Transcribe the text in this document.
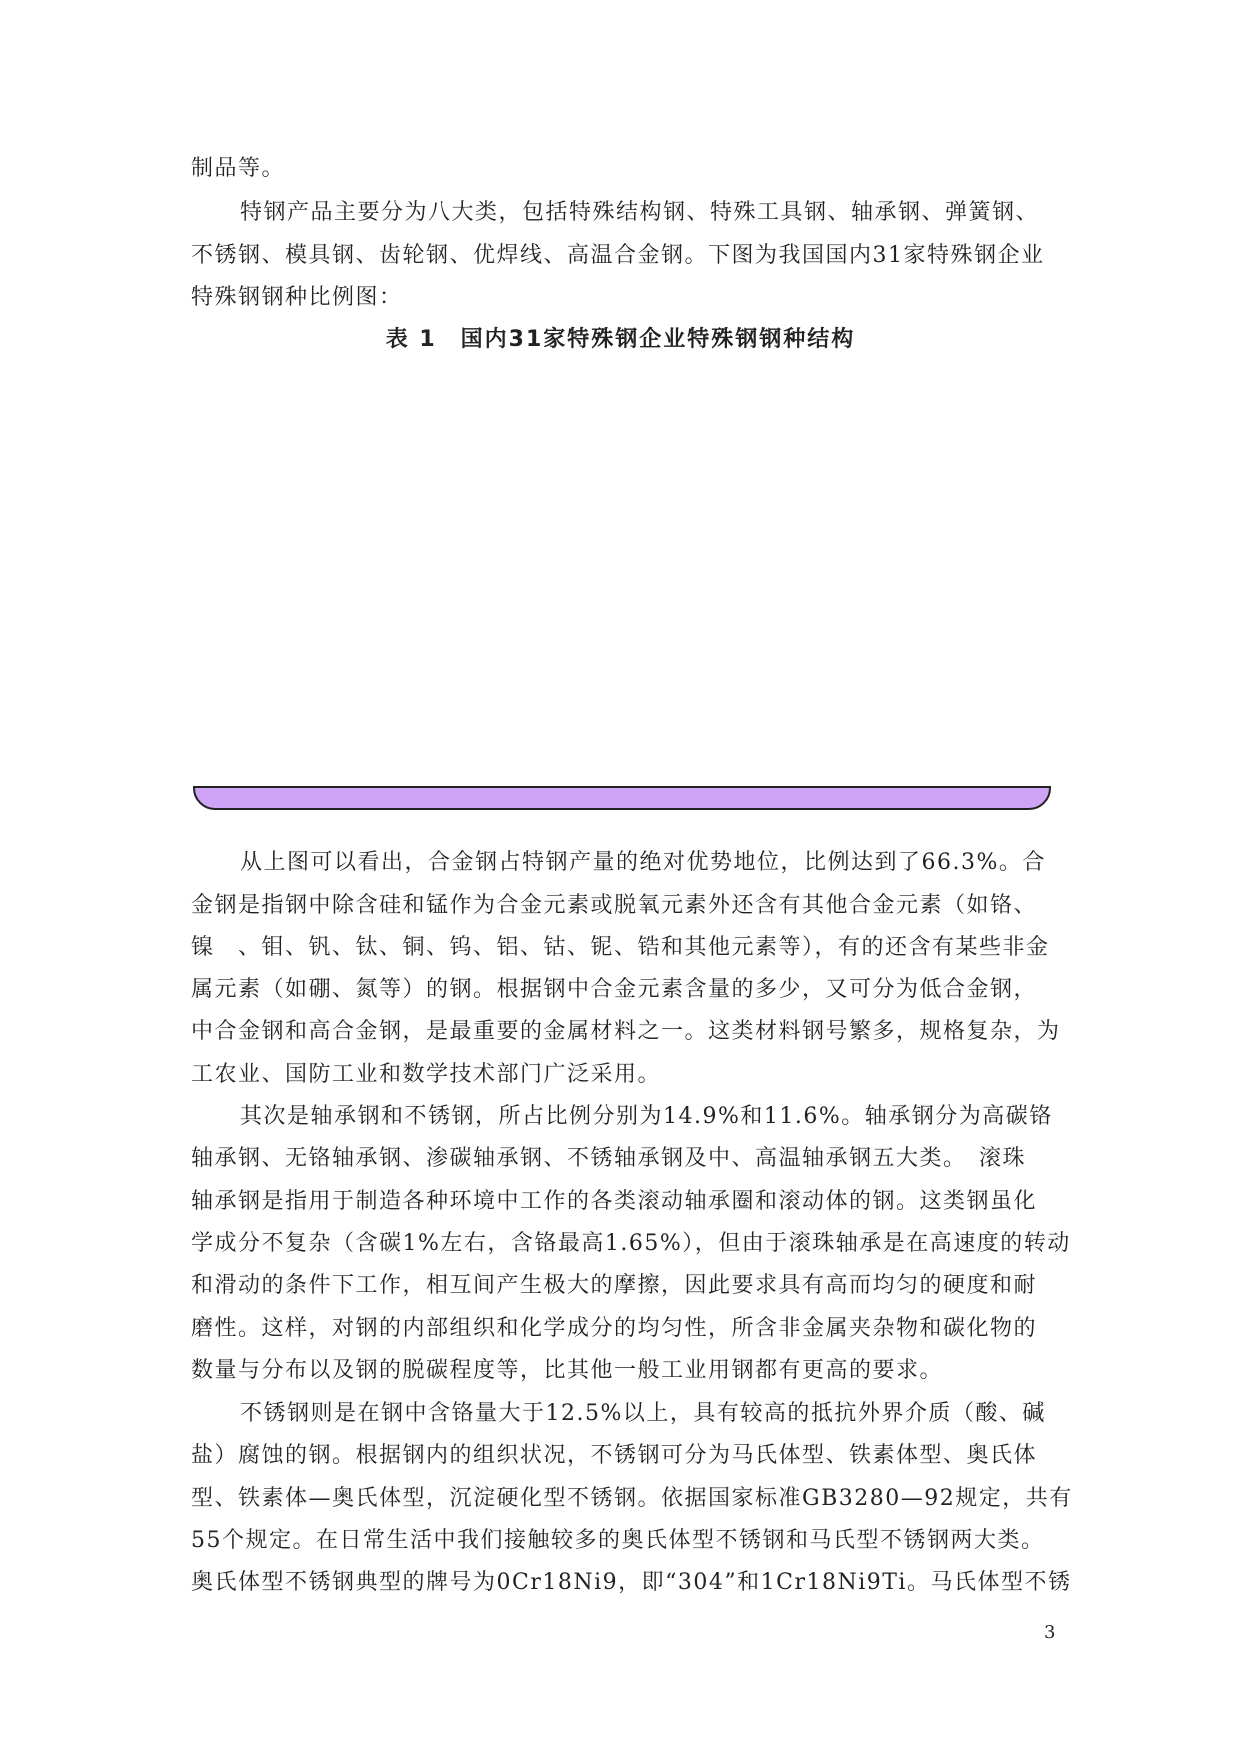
制品等。
特钢产品主要分为八大类，包括特殊结构钢、特殊工具钢、轴承钢、弹簧钢、
不锈钢、模具钢、齿轮钢、优焊线、高温合金钢。下图为我国国内31家特殊钢企业
特殊钢钢种比例图：
表 1　国内31家特殊钢企业特殊钢钢种结构
从上图可以看出，合金钢占特钢产量的绝对优势地位，比例达到了66.3%。合
金钢是指钢中除含硅和锰作为合金元素或脱氧元素外还含有其他合金元素（如铬、
镍　、钼、钒、钛、铜、钨、铝、钴、铌、锆和其他元素等），有的还含有某些非金
属元素（如硼、氮等）的钢。根据钢中合金元素含量的多少，又可分为低合金钢，
中合金钢和高合金钢，是最重要的金属材料之一。这类材料钢号繁多，规格复杂，为
工农业、国防工业和数学技术部门广泛采用。
其次是轴承钢和不锈钢，所占比例分别为14.9%和11.6%。轴承钢分为高碳铬
轴承钢、无铬轴承钢、渗碳轴承钢、不锈轴承钢及中、高温轴承钢五大类。　滚珠
轴承钢是指用于制造各种环境中工作的各类滚动轴承圈和滚动体的钢。这类钢虽化
学成分不复杂（含碳1%左右，含铬最高1.65%），但由于滚珠轴承是在高速度的转动
和滑动的条件下工作，相互间产生极大的摩擦，因此要求具有高而均匀的硬度和耐
磨性。这样，对钢的内部组织和化学成分的均匀性，所含非金属夹杂物和碳化物的
数量与分布以及钢的脱碳程度等，比其他一般工业用钢都有更高的要求。
不锈钢则是在钢中含铬量大于12.5%以上，具有较高的抵抗外界介质（酸、碱
盐）腐蚀的钢。根据钢内的组织状况，不锈钢可分为马氏体型、铁素体型、奥氏体
型、铁素体—奥氏体型，沉淀硬化型不锈钢。依据国家标准GB3280—92规定，共有
55个规定。在日常生活中我们接触较多的奥氏体型不锈钢和马氏型不锈钢两大类。
奥氏体型不锈钢典型的牌号为0Cr18Ni9，即“304”和1Cr18Ni9Ti。马氏体型不锈
3
